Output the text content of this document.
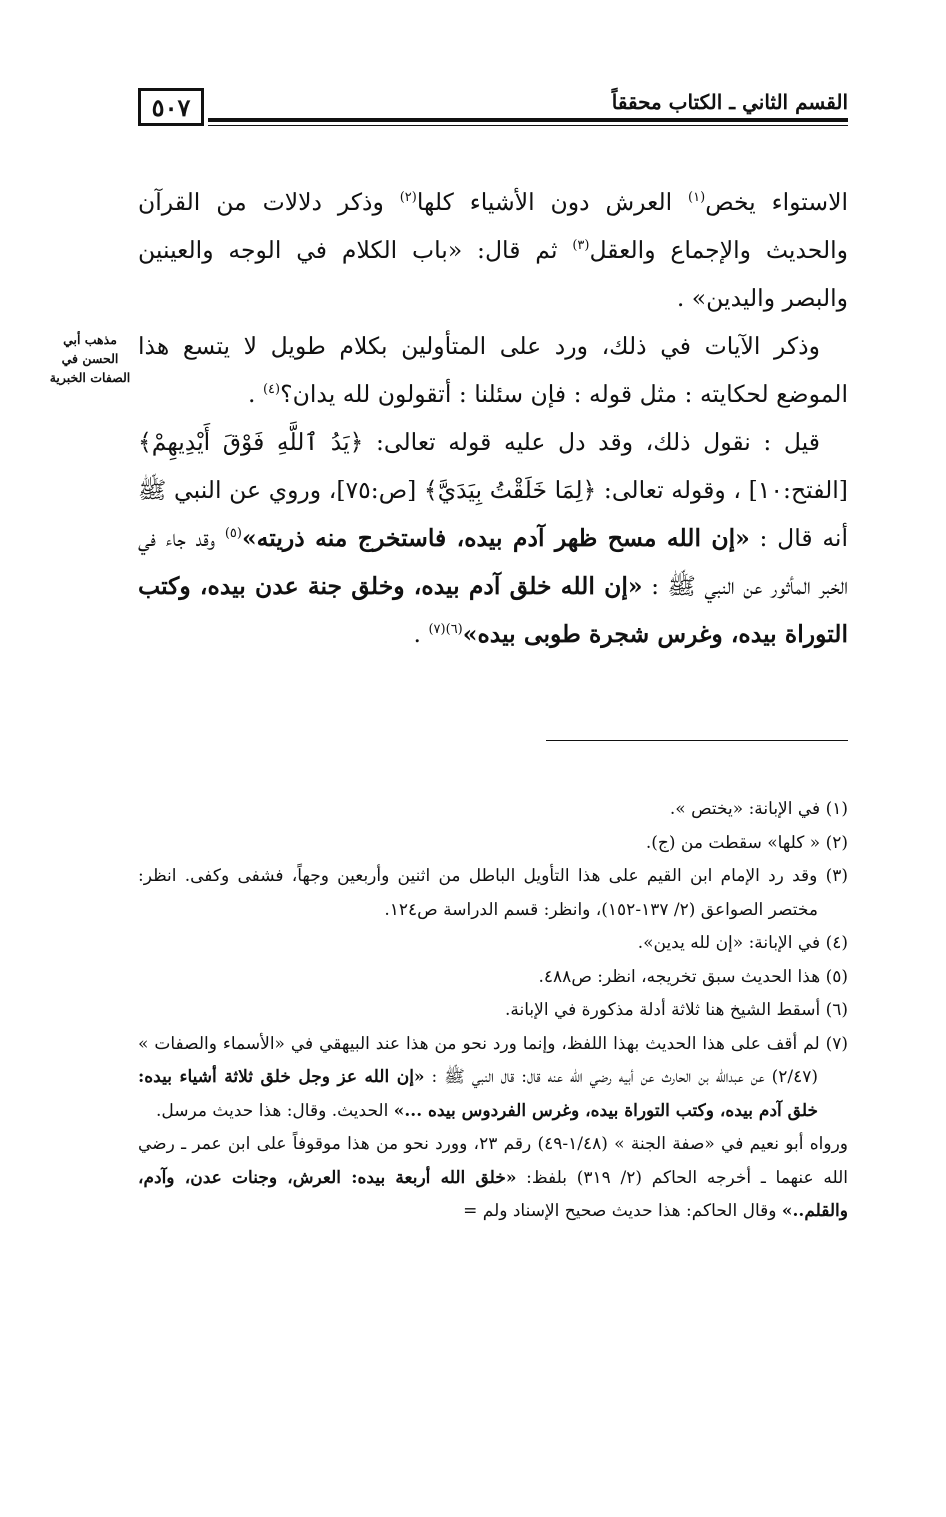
٥٠٧	القسم الثاني ـ الكتاب محققاً
مذهب أبي الحسن في الصفات الخبرية

الاستواء يخص$^{(١)}$ العرش دون الأشياء كلها$^{(٢)}$ وذكر دلالات من القرآن والحديث والإجماع والعقل$^{(٣)}$ ثم قال: «باب الكلام في الوجه والعينين والبصر واليدين» .

وذكر الآيات في ذلك، ورد على المتأولين بكلام طويل لا يتسع هذا الموضع لحكايته : مثل قوله : فإن سئلنا : أتقولون لله يدان؟$^{(٤)}$ .

قيل : نقول ذلك، وقد دل عليه قوله تعالى: ﴿يَدُ ٱللَّهِ فَوْقَ أَيْدِيهِمْ﴾ [الفتح:١٠] ، وقوله تعالى: ﴿لِمَا خَلَقْتُ بِيَدَيَّ﴾ [ص:٧٥]، وروي عن النبي ﷺ أنه قال : «إن الله مسح ظهر آدم بيده، فاستخرج منه ذريته»$^{(٥)}$ وقد جاء في الخبر المأثور عن النبي ﷺ : «إن الله خلق آدم بيده، وخلق جنة عدن بيده، وكتب التوراة بيده، وغرس شجرة طوبى بيده»$^{(٦)(٧)}$ .

(١) في الإبانة: «يختص ».

(٢) « كلها» سقطت من (ج).

(٣) وقد رد الإمام ابن القيم على هذا التأويل الباطل من اثنين وأربعين وجهاً، فشفى وكفى. انظر: مختصر الصواعق (٢/ ١٣٧-١٥٢)، وانظر: قسم الدراسة ص١٢٤.

(٤) في الإبانة: «إن لله يدين».

(٥) هذا الحديث سبق تخريجه، انظر: ص٤٨٨.

(٦) أسقط الشيخ هنا ثلاثة أدلة مذكورة في الإبانة.

(٧) لم أقف على هذا الحديث بهذا اللفظ، وإنما ورد نحو من هذا عند البيهقي في «الأسماء والصفات » (٢/٤٧) عن عبدالله بن الحارث عن أبيه رضي الله عنه قال: قال النبي ﷺ : «إن الله عز وجل خلق ثلاثة أشياء بيده: خلق آدم بيده، وكتب التوراة بيده، وغرس الفردوس بيده ...» الحديث. وقال: هذا حديث مرسل.

ورواه أبو نعيم في «صفة الجنة » (١/٤٨-٤٩) رقم ٢٣، وورد نحو من هذا موقوفاً على ابن عمر ـ رضي الله عنهما ـ أخرجه الحاكم (٢/ ٣١٩) بلفظ: «خلق الله أربعة بيده: العرش، وجنات عدن، وآدم، والقلم..» وقال الحاكم: هذا حديث صحيح الإسناد ولم =
